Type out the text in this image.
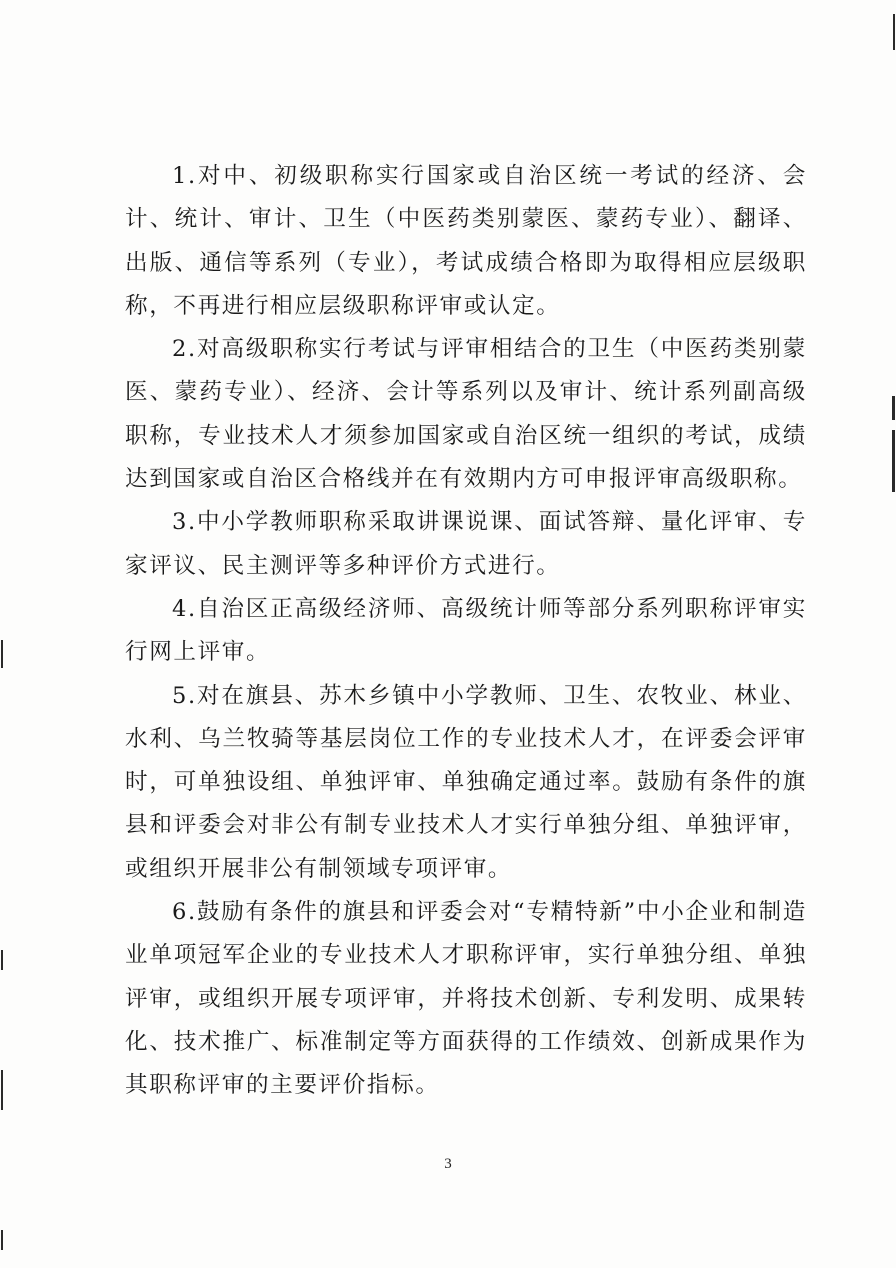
1.对中、初级职称实行国家或自治区统一考试的经济、会计、统计、审计、卫生（中医药类别蒙医、蒙药专业）、翻译、出版、通信等系列（专业），考试成绩合格即为取得相应层级职称，不再进行相应层级职称评审或认定。

2.对高级职称实行考试与评审相结合的卫生（中医药类别蒙医、蒙药专业）、经济、会计等系列以及审计、统计系列副高级职称，专业技术人才须参加国家或自治区统一组织的考试，成绩达到国家或自治区合格线并在有效期内方可申报评审高级职称。

3.中小学教师职称采取讲课说课、面试答辩、量化评审、专家评议、民主测评等多种评价方式进行。

4.自治区正高级经济师、高级统计师等部分系列职称评审实行网上评审。

5.对在旗县、苏木乡镇中小学教师、卫生、农牧业、林业、水利、乌兰牧骑等基层岗位工作的专业技术人才，在评委会评审时，可单独设组、单独评审、单独确定通过率。鼓励有条件的旗县和评委会对非公有制专业技术人才实行单独分组、单独评审，或组织开展非公有制领域专项评审。

6.鼓励有条件的旗县和评委会对“专精特新”中小企业和制造业单项冠军企业的专业技术人才职称评审，实行单独分组、单独评审，或组织开展专项评审，并将技术创新、专利发明、成果转化、技术推广、标准制定等方面获得的工作绩效、创新成果作为其职称评审的主要评价指标。

3
